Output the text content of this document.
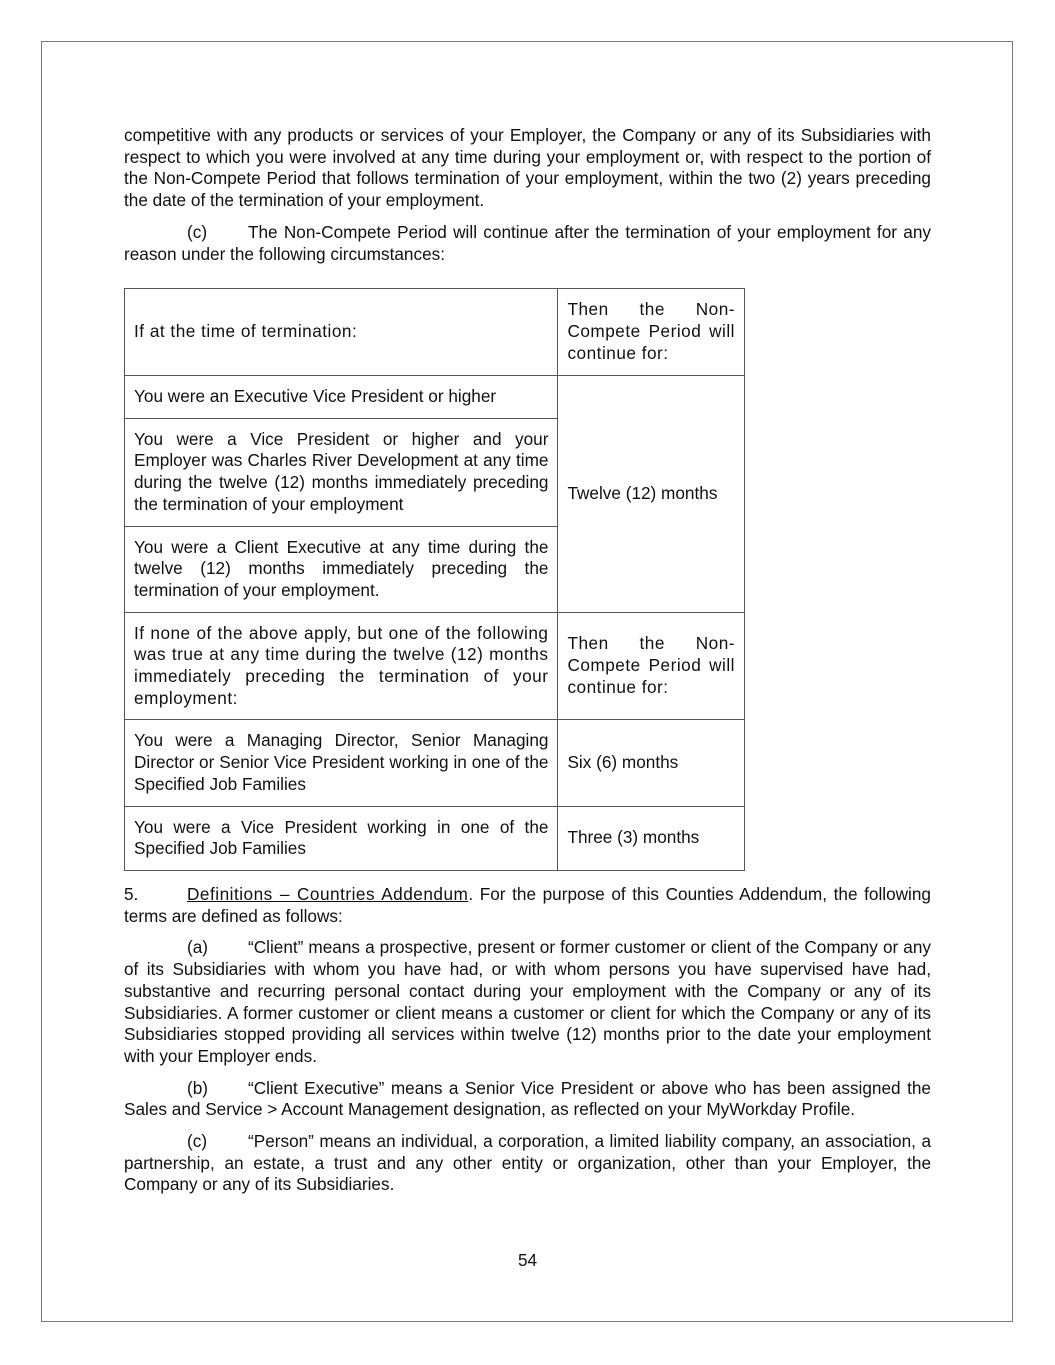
competitive with any products or services of your Employer, the Company or any of its Subsidiaries with respect to which you were involved at any time during your employment or, with respect to the portion of the Non-Compete Period that follows termination of your employment, within the two (2) years preceding the date of the termination of your employment.

(c) The Non-Compete Period will continue after the termination of your employment for any reason under the following circumstances:

If at the time of termination:	Then the Non-Compete Period will continue for:
You were an Executive Vice President or higher	Twelve (12) months
You were a Vice President or higher and your Employer was Charles River Development at any time during the twelve (12) months immediately preceding the termination of your employment	
You were a Client Executive at any time during the twelve (12) months immediately preceding the termination of your employment.	
If none of the above apply, but one of the following was true at any time during the twelve (12) months immediately preceding the termination of your employment:	Then the Non-Compete Period will continue for:
You were a Managing Director, Senior Managing Director or Senior Vice President working in one of the Specified Job Families	Six (6) months
You were a Vice President working in one of the Specified Job Families	Three (3) months

5.	Definitions – Countries Addendum. For the purpose of this Counties Addendum, the following terms are defined as follows:

(a) “Client” means a prospective, present or former customer or client of the Company or any of its Subsidiaries with whom you have had, or with whom persons you have supervised have had, substantive and recurring personal contact during your employment with the Company or any of its Subsidiaries. A former customer or client means a customer or client for which the Company or any of its Subsidiaries stopped providing all services within twelve (12) months prior to the date your employment with your Employer ends.

(b) “Client Executive” means a Senior Vice President or above who has been assigned the Sales and Service > Account Management designation, as reflected on your MyWorkday Profile.

(c) “Person” means an individual, a corporation, a limited liability company, an association, a partnership, an estate, a trust and any other entity or organization, other than your Employer, the Company or any of its Subsidiaries.

54
